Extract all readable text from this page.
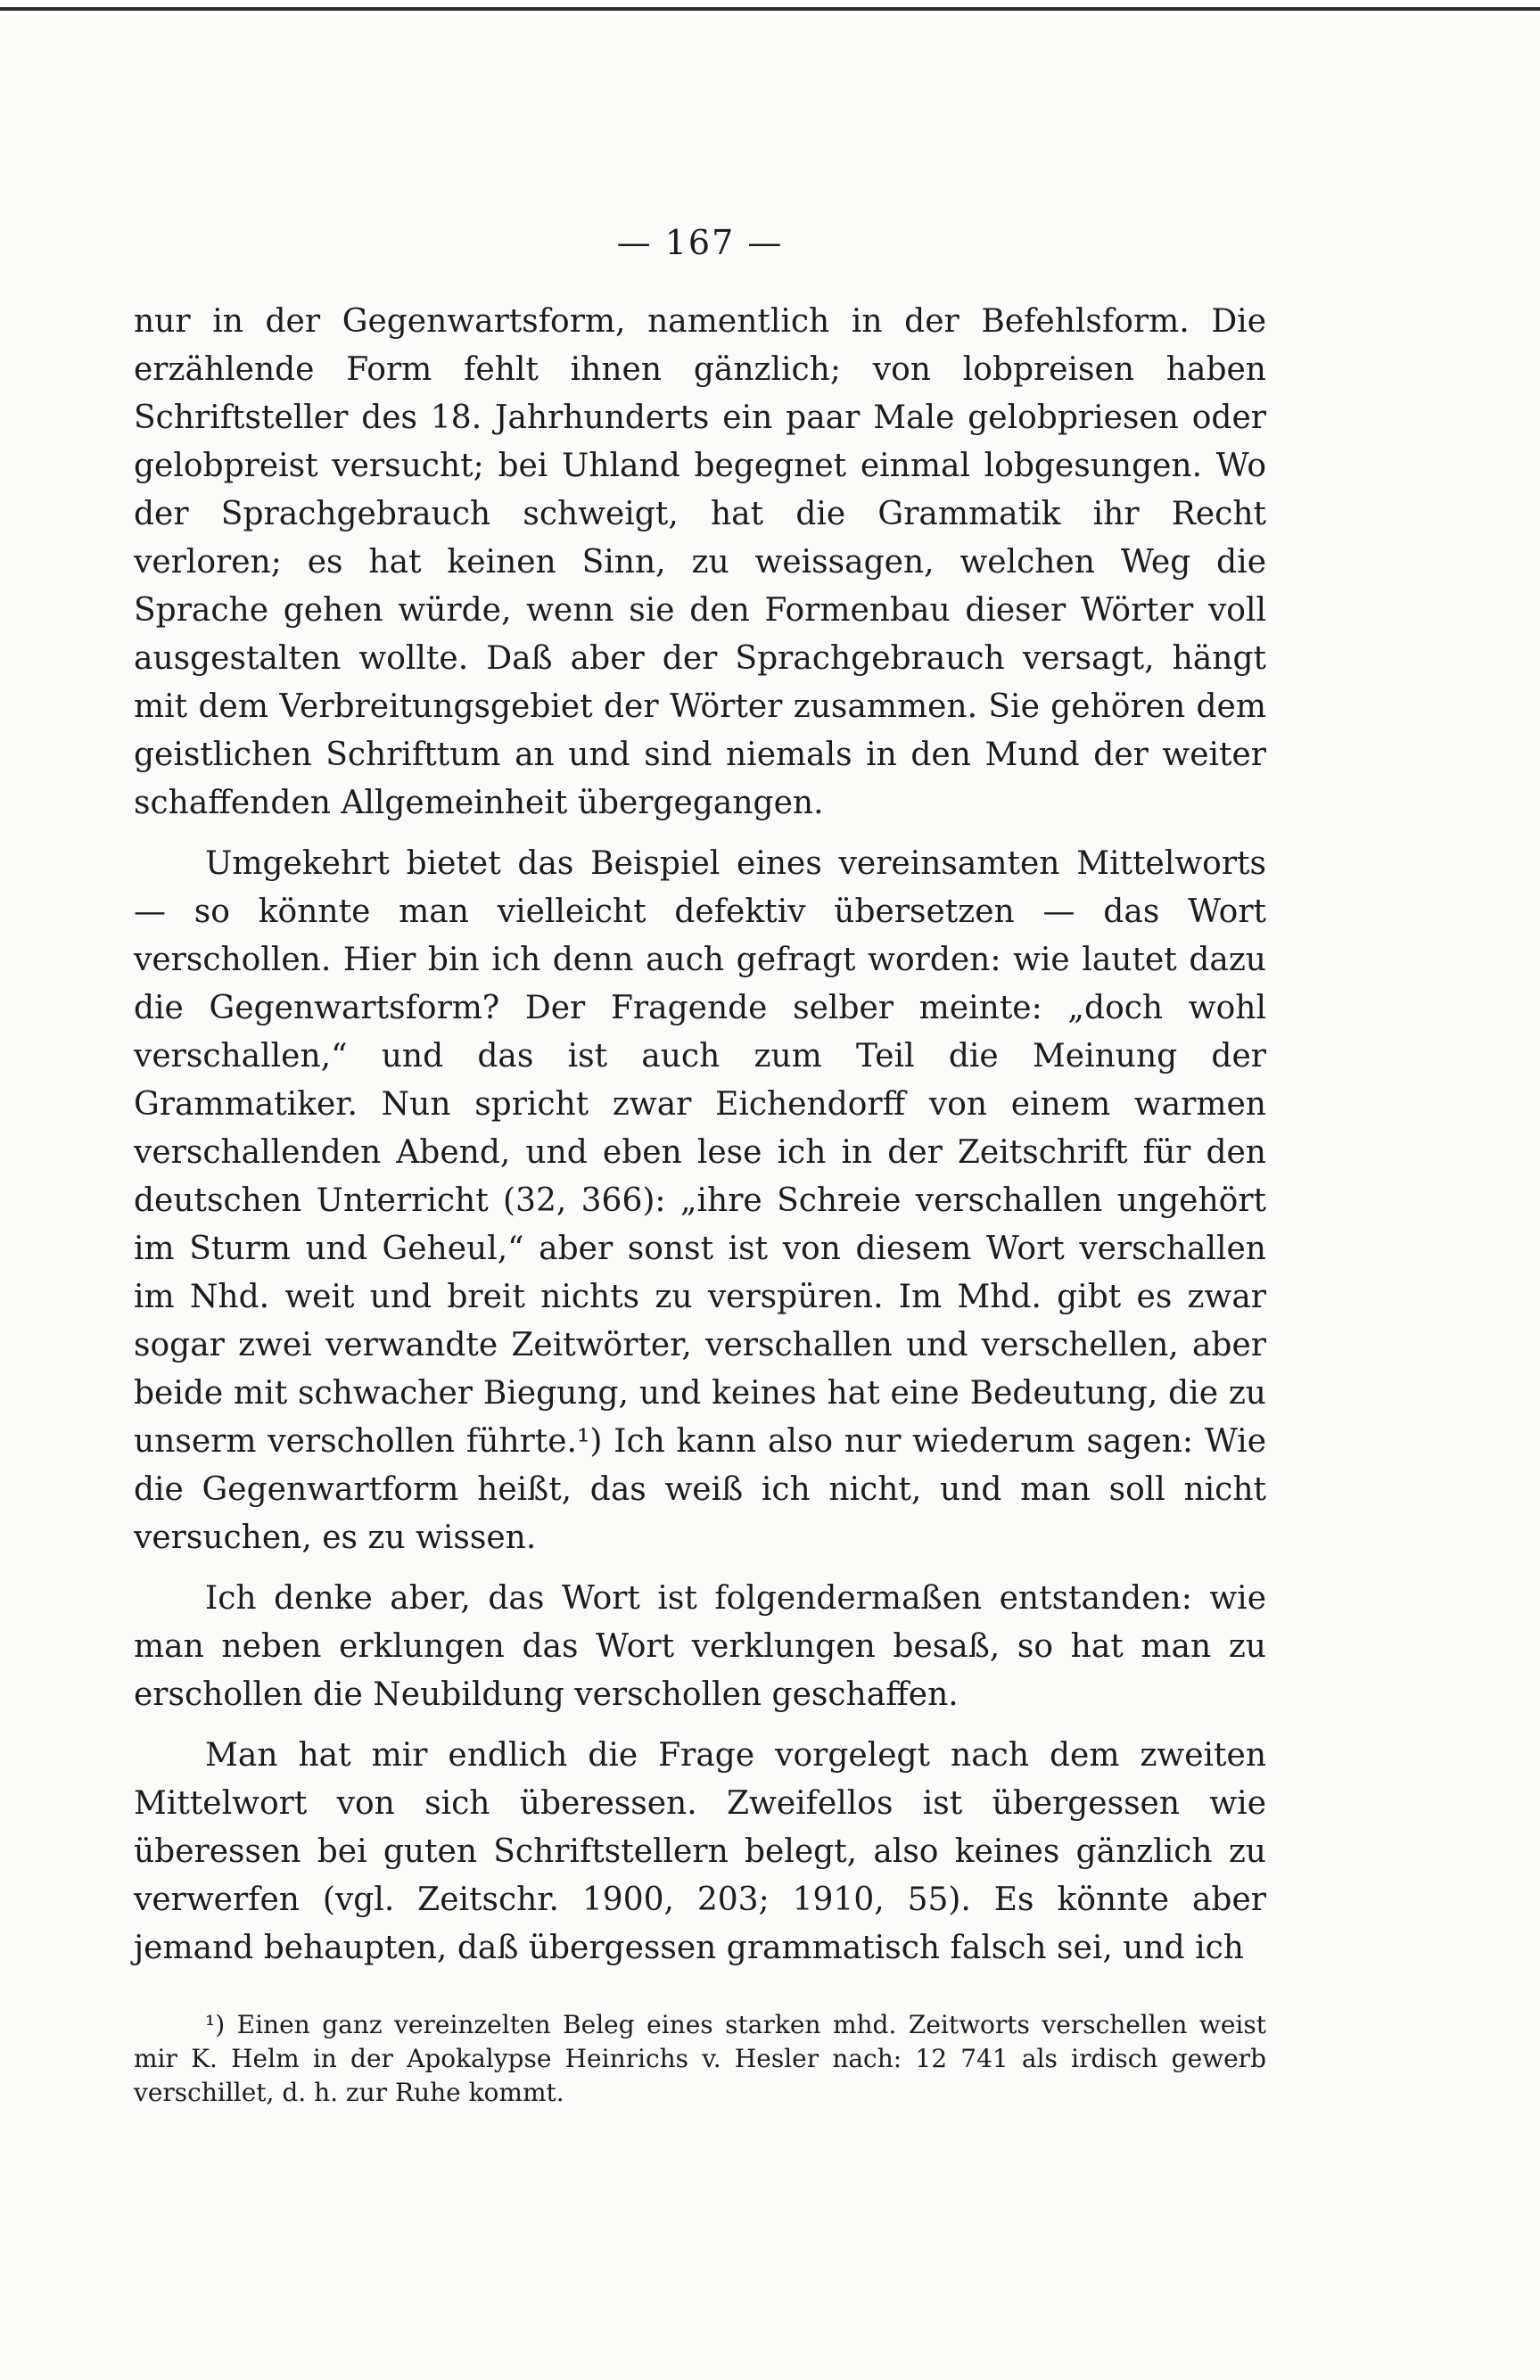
— 167 —

nur in der Gegenwartsform, namentlich in der Befehlsform. Die erzählende Form fehlt ihnen gänzlich; von lobpreisen haben Schriftsteller des 18. Jahrhunderts ein paar Male gelobpriesen oder gelobpreist versucht; bei Uhland begegnet einmal lobgesungen. Wo der Sprachgebrauch schweigt, hat die Grammatik ihr Recht verloren; es hat keinen Sinn, zu weissagen, welchen Weg die Sprache gehen würde, wenn sie den Formenbau dieser Wörter voll ausgestalten wollte. Daß aber der Sprachgebrauch versagt, hängt mit dem Verbreitungsgebiet der Wörter zusammen. Sie gehören dem geistlichen Schrifttum an und sind niemals in den Mund der weiter schaffenden Allgemeinheit übergegangen.

Umgekehrt bietet das Beispiel eines vereinsamten Mittelworts — so könnte man vielleicht defektiv übersetzen — das Wort verschollen. Hier bin ich denn auch gefragt worden: wie lautet dazu die Gegenwartsform? Der Fragende selber meinte: „doch wohl verschallen,“ und das ist auch zum Teil die Meinung der Grammatiker. Nun spricht zwar Eichendorff von einem warmen verschallenden Abend, und eben lese ich in der Zeitschrift für den deutschen Unterricht (32, 366): „ihre Schreie verschallen ungehört im Sturm und Geheul,“ aber sonst ist von diesem Wort verschallen im Nhd. weit und breit nichts zu verspüren. Im Mhd. gibt es zwar sogar zwei verwandte Zeitwörter, verschallen und verschellen, aber beide mit schwacher Biegung, und keines hat eine Bedeutung, die zu unserm verschollen führte.¹) Ich kann also nur wiederum sagen: Wie die Gegenwartform heißt, das weiß ich nicht, und man soll nicht versuchen, es zu wissen.

Ich denke aber, das Wort ist folgendermaßen entstanden: wie man neben erklungen das Wort verklungen besaß, so hat man zu erschollen die Neubildung verschollen geschaffen.

Man hat mir endlich die Frage vorgelegt nach dem zweiten Mittelwort von sich überessen. Zweifellos ist übergessen wie überessen bei guten Schriftstellern belegt, also keines gänzlich zu verwerfen (vgl. Zeitschr. 1900, 203; 1910, 55). Es könnte aber jemand behaupten, daß übergessen grammatisch falsch sei, und ich

¹) Einen ganz vereinzelten Beleg eines starken mhd. Zeitworts verschellen weist mir K. Helm in der Apokalypse Heinrichs v. Hesler nach: 12 741 als irdisch gewerb verschillet, d. h. zur Ruhe kommt.
